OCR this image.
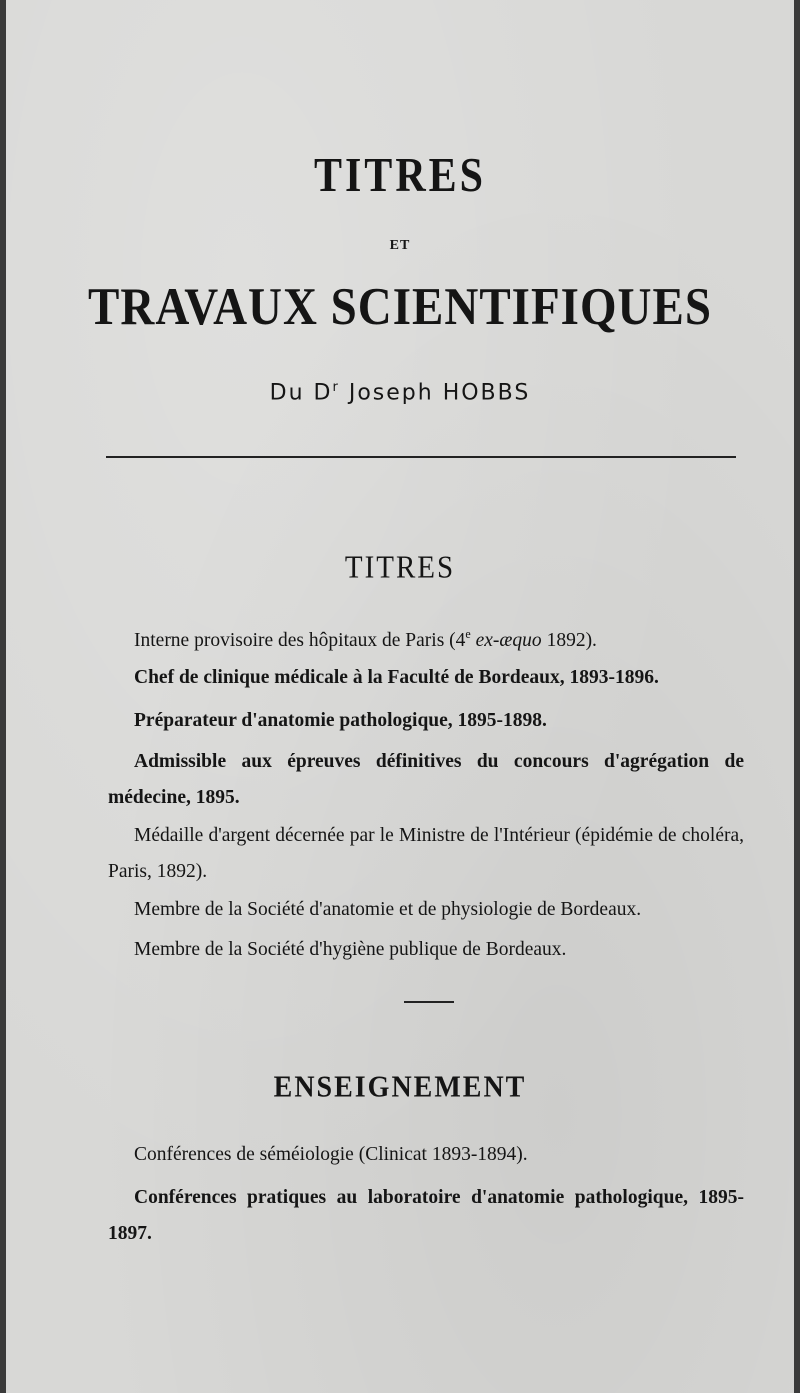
TITRES
ET
TRAVAUX SCIENTIFIQUES
Du $D^r$ Joseph HOBBS
TITRES
Interne provisoire des hôpitaux de Paris (4e ex-æquo 1892).
Chef de clinique médicale à la Faculté de Bordeaux, 1893-1896.
Préparateur d'anatomie pathologique, 1895-1898.
Admissible aux épreuves définitives du concours d'agrégation de médecine, 1895.
Médaille d'argent décernée par le Ministre de l'Intérieur (épidémie de choléra, Paris, 1892).
Membre de la Société d'anatomie et de physiologie de Bordeaux.
Membre de la Société d'hygiène publique de Bordeaux.
ENSEIGNEMENT
Conférences de séméiologie (Clinicat 1893-1894).
Conférences pratiques au laboratoire d'anatomie pathologique, 1895-1897.
